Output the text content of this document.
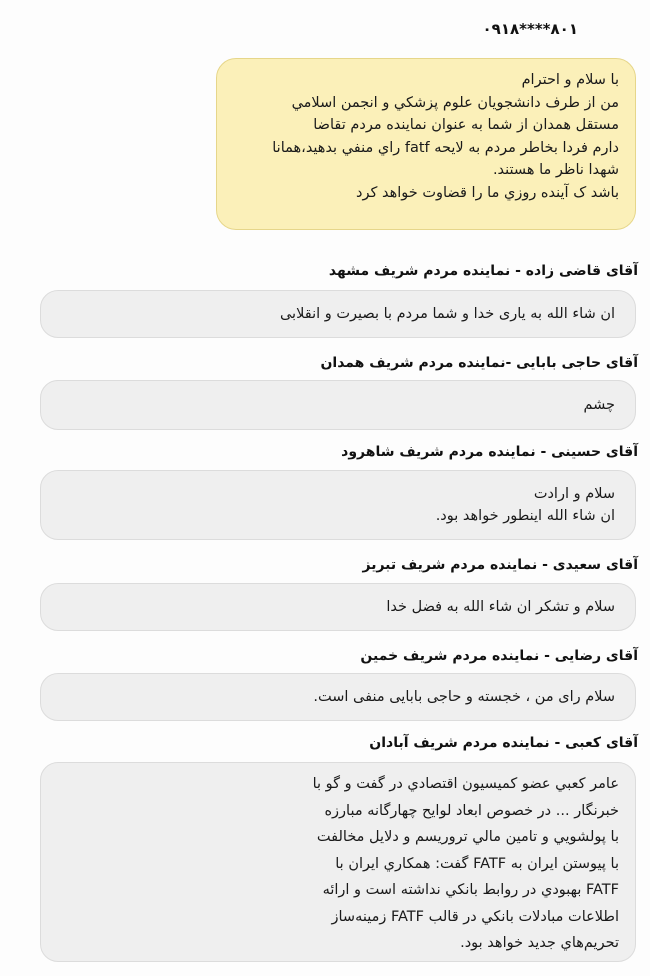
۰۹۱۸****۸۰۱
با سلام و احترام
من از طرف دانشجويان علوم پزشکي و انجمن اسلامي
مستقل همدان از شما به عنوان نماينده مردم تقاضا
دارم فردا بخاطر مردم به لايحه fatf راي منفي بدهيد،همانا
شهدا ناظر ما هستند.
باشد ک آينده روزي ما را قضاوت خواهد کرد
آقای قاضی زاده - نماینده مردم شریف مشهد
ان شاء الله به یاری خدا و شما مردم با بصیرت و انقلابی
آقای حاجی بابایی -نماینده مردم شریف همدان
چشم
آقای حسینی - نماینده مردم شریف شاهرود
سلام و ارادت
ان شاء الله اینطور خواهد بود.
آقای سعیدی - نماینده مردم شریف تبریز
سلام و تشکر ان شاء الله به فضل خدا
آقای رضایی - نماینده مردم شریف خمین
سلام رای من ، خجسته و حاجی بابایی منفی است.
آقای کعبی - نماینده مردم شریف آبادان
عامر کعبي عضو کميسيون اقتصادي در گفت و گو با
خبرنگار ... در خصوص ابعاد لوايح چهارگانه مبارزه
با پولشويي و تامين مالي تروريسم و دلايل مخالفت
با پيوستن ايران به FATF گفت: همکاري ايران با
FATF بهبودي در روابط بانکي نداشته است و ارائه
اطلاعات مبادلات بانکي در قالب FATF زمينه‌ساز
تحريم‌هاي جديد خواهد بود.
